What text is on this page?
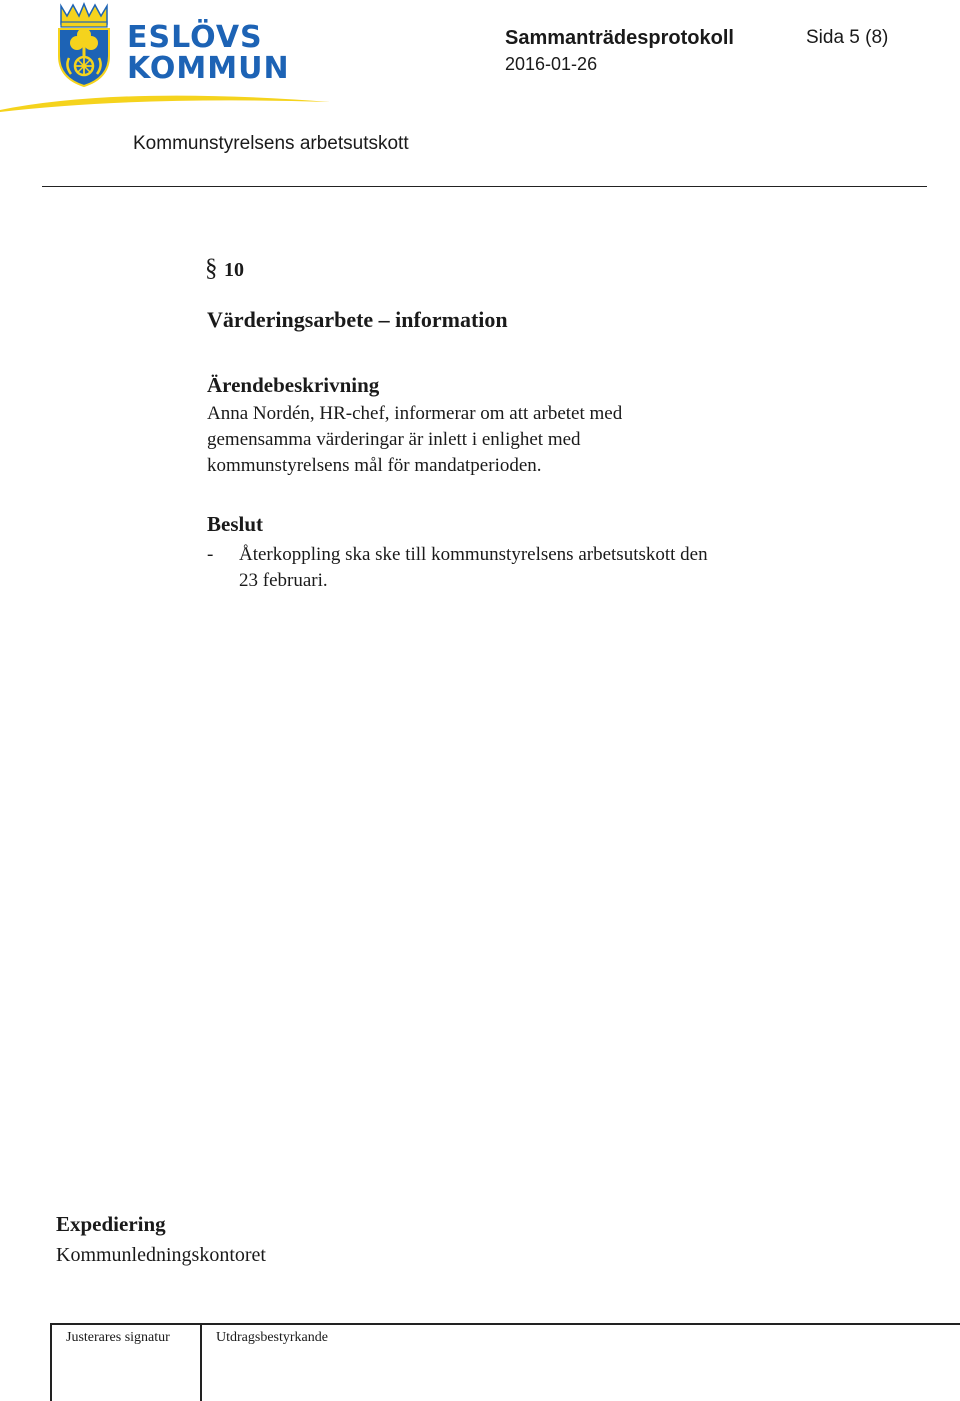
ESLÖVS
KOMMUN
Sammanträdesprotokoll	Sida 5 (8)
2016-01-26
Kommunstyrelsens arbetsutskott
§ 10
Värderingsarbete – information
Ärendebeskrivning
Anna Nordén, HR-chef, informerar om att arbetet med
gemensamma värderingar är inlett i enlighet med
kommunstyrelsens mål för mandatperioden.
Beslut
- Återkoppling ska ske till kommunstyrelsens arbetsutskott den
23 februari.
Expediering
Kommunledningskontoret
Justerares signatur	Utdragsbestyrkande
